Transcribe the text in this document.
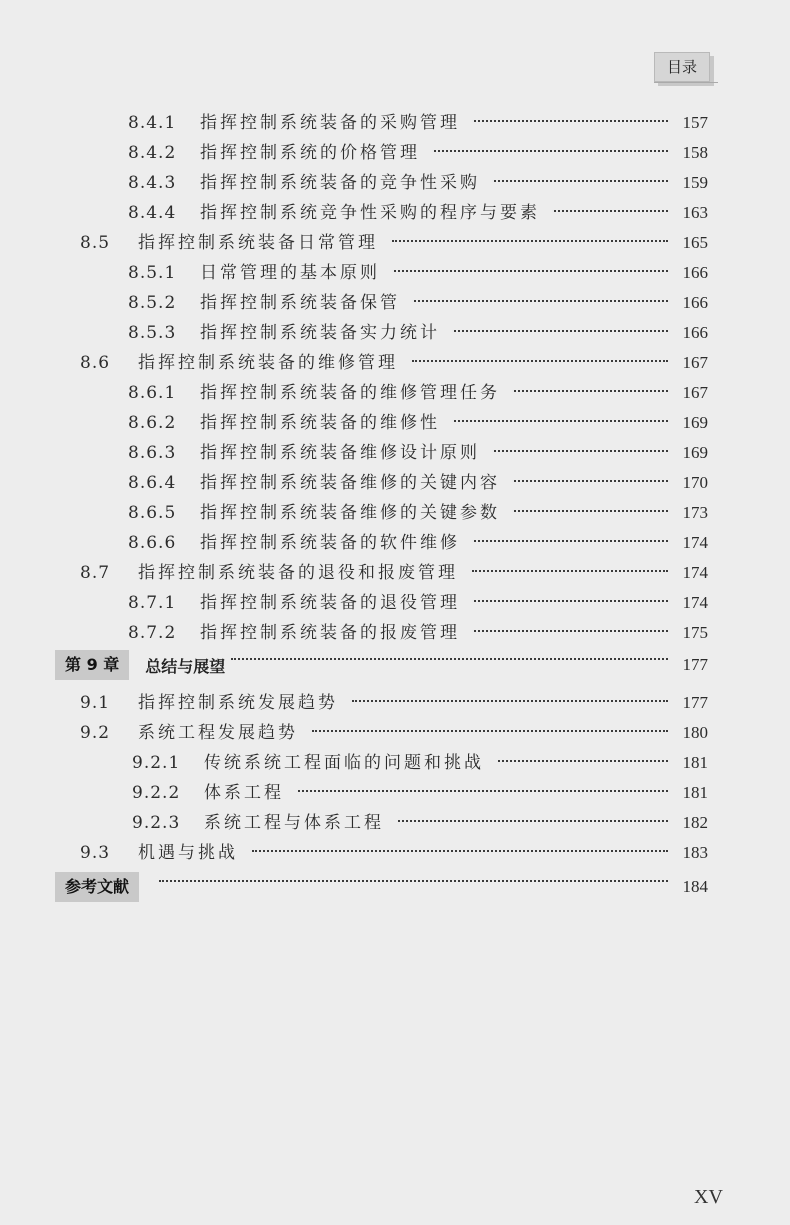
目录
8.4.1	指挥控制系统装备的采购管理	157
8.4.2	指挥控制系统的价格管理	158
8.4.3	指挥控制系统装备的竞争性采购	159
8.4.4	指挥控制系统竞争性采购的程序与要素	163
8.5	指挥控制系统装备日常管理	165
8.5.1	日常管理的基本原则	166
8.5.2	指挥控制系统装备保管	166
8.5.3	指挥控制系统装备实力统计	166
8.6	指挥控制系统装备的维修管理	167
8.6.1	指挥控制系统装备的维修管理任务	167
8.6.2	指挥控制系统装备的维修性	169
8.6.3	指挥控制系统装备维修设计原则	169
8.6.4	指挥控制系统装备维修的关键内容	170
8.6.5	指挥控制系统装备维修的关键参数	173
8.6.6	指挥控制系统装备的软件维修	174
8.7	指挥控制系统装备的退役和报废管理	174
8.7.1	指挥控制系统装备的退役管理	174
8.7.2	指挥控制系统装备的报废管理	175
第 9 章	总结与展望	177
9.1	指挥控制系统发展趋势	177
9.2	系统工程发展趋势	180
9.2.1	传统系统工程面临的问题和挑战	181
9.2.2	体系工程	181
9.2.3	系统工程与体系工程	182
9.3	机遇与挑战	183
参考文献	184
XV
